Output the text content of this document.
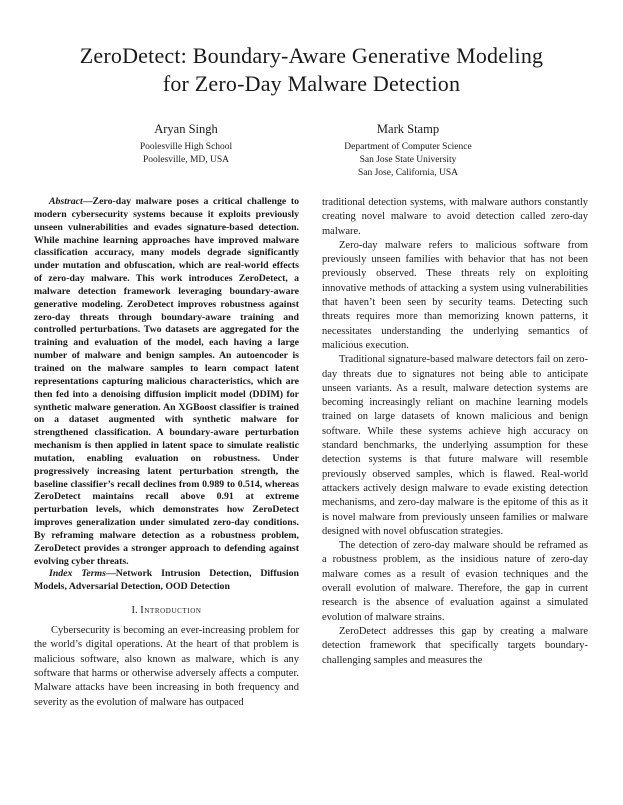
ZeroDetect: Boundary-Aware Generative Modeling
for Zero-Day Malware Detection
Aryan Singh
Poolesville High School
Poolesville, MD, USA
Mark Stamp
Department of Computer Science
San Jose State University
San Jose, California, USA

Abstract—Zero-day malware poses a critical challenge to modern cybersecurity systems because it exploits previously unseen vulnerabilities and evades signature-based detection. While machine learning approaches have improved malware classification accuracy, many models degrade significantly under mutation and obfuscation, which are real-world effects of zero-day malware. This work introduces ZeroDetect, a malware detection framework leveraging boundary-aware generative modeling. ZeroDetect improves robustness against zero-day threats through boundary-aware training and controlled perturbations. Two datasets are aggregated for the training and evaluation of the model, each having a large number of malware and benign samples. An autoencoder is trained on the malware samples to learn compact latent representations capturing malicious characteristics, which are then fed into a denoising diffusion implicit model (DDIM) for synthetic malware generation. An XGBoost classifier is trained on a dataset augmented with synthetic malware for strengthened classification. A boundary-aware perturbation mechanism is then applied in latent space to simulate realistic mutation, enabling evaluation on robustness. Under progressively increasing latent perturbation strength, the baseline classifier’s recall declines from 0.989 to 0.514, whereas ZeroDetect maintains recall above 0.91 at extreme perturbation levels, which demonstrates how ZeroDetect improves generalization under simulated zero-day conditions. By reframing malware detection as a robustness problem, ZeroDetect provides a stronger approach to defending against evolving cyber threats.

Index Terms—Network Intrusion Detection, Diffusion Models, Adversarial Detection, OOD Detection

I. Introduction

Cybersecurity is becoming an ever-increasing problem for the world’s digital operations. At the heart of that problem is malicious software, also known as malware, which is any software that harms or otherwise adversely affects a computer. Malware attacks have been increasing in both frequency and severity as the evolution of malware has outpaced

traditional detection systems, with malware authors constantly creating novel malware to avoid detection called zero-day malware.

Zero-day malware refers to malicious software from previously unseen families with behavior that has not been previously observed. These threats rely on exploiting innovative methods of attacking a system using vulnerabilities that haven’t been seen by security teams. Detecting such threats requires more than memorizing known patterns, it necessitates understanding the underlying semantics of malicious execution.

Traditional signature-based malware detectors fail on zero-day threats due to signatures not being able to anticipate unseen variants. As a result, malware detection systems are becoming increasingly reliant on machine learning models trained on large datasets of known malicious and benign software. While these systems achieve high accuracy on standard benchmarks, the underlying assumption for these detection systems is that future malware will resemble previously observed samples, which is flawed. Real-world attackers actively design malware to evade existing detection mechanisms, and zero-day malware is the epitome of this as it is novel malware from previously unseen families or malware designed with novel obfuscation strategies.

The detection of zero-day malware should be reframed as a robustness problem, as the insidious nature of zero-day malware comes as a result of evasion techniques and the overall evolution of malware. Therefore, the gap in current research is the absence of evaluation against a simulated evolution of malware strains.

ZeroDetect addresses this gap by creating a malware detection framework that specifically targets boundary-challenging samples and measures the
